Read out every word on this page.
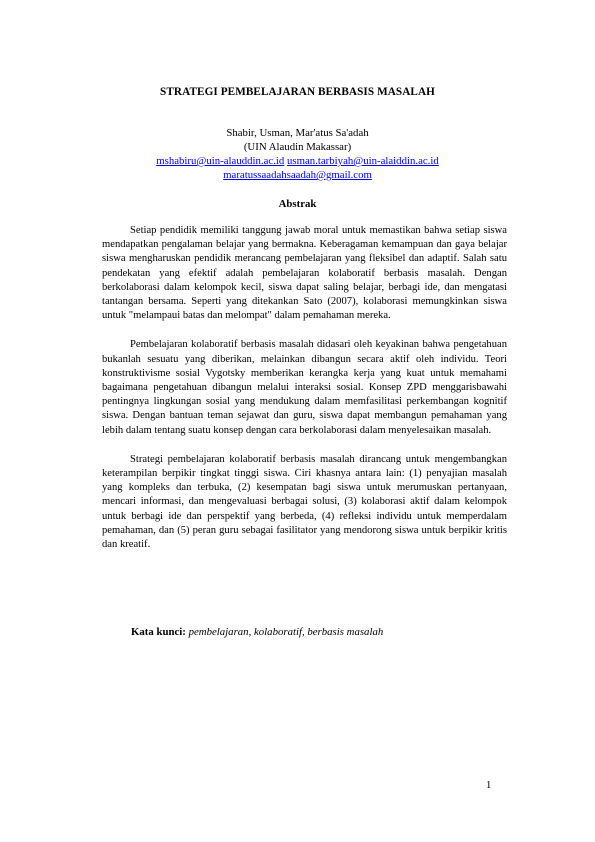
STRATEGI PEMBELAJARAN BERBASIS MASALAH
Shabir, Usman, Mar'atus Sa'adah
(UIN Alaudin Makassar)
mshabiru@uin-alauddin.ac.id usman.tarbiyah@uin-alaiddin.ac.id
maratussaadahsaadah@gmail.com
Abstrak

Setiap pendidik memiliki tanggung jawab moral untuk memastikan bahwa setiap siswa mendapatkan pengalaman belajar yang bermakna. Keberagaman kemampuan dan gaya belajar siswa mengharuskan pendidik merancang pembelajaran yang fleksibel dan adaptif. Salah satu pendekatan yang efektif adalah pembelajaran kolaboratif berbasis masalah. Dengan berkolaborasi dalam kelompok kecil, siswa dapat saling belajar, berbagi ide, dan mengatasi tantangan bersama. Seperti yang ditekankan Sato (2007), kolaborasi memungkinkan siswa untuk "melampaui batas dan melompat" dalam pemahaman mereka.

Pembelajaran kolaboratif berbasis masalah didasari oleh keyakinan bahwa pengetahuan bukanlah sesuatu yang diberikan, melainkan dibangun secara aktif oleh individu. Teori konstruktivisme sosial Vygotsky memberikan kerangka kerja yang kuat untuk memahami bagaimana pengetahuan dibangun melalui interaksi sosial. Konsep ZPD menggarisbawahi pentingnya lingkungan sosial yang mendukung dalam memfasilitasi perkembangan kognitif siswa. Dengan bantuan teman sejawat dan guru, siswa dapat membangun pemahaman yang lebih dalam tentang suatu konsep dengan cara berkolaborasi dalam menyelesaikan masalah.

Strategi pembelajaran kolaboratif berbasis masalah dirancang untuk mengembangkan keterampilan berpikir tingkat tinggi siswa. Ciri khasnya antara lain: (1) penyajian masalah yang kompleks dan terbuka, (2) kesempatan bagi siswa untuk merumuskan pertanyaan, mencari informasi, dan mengevaluasi berbagai solusi, (3) kolaborasi aktif dalam kelompok untuk berbagi ide dan perspektif yang berbeda, (4) refleksi individu untuk memperdalam pemahaman, dan (5) peran guru sebagai fasilitator yang mendorong siswa untuk berpikir kritis dan kreatif.

Kata kunci: pembelajaran, kolaboratif, berbasis masalah
1
